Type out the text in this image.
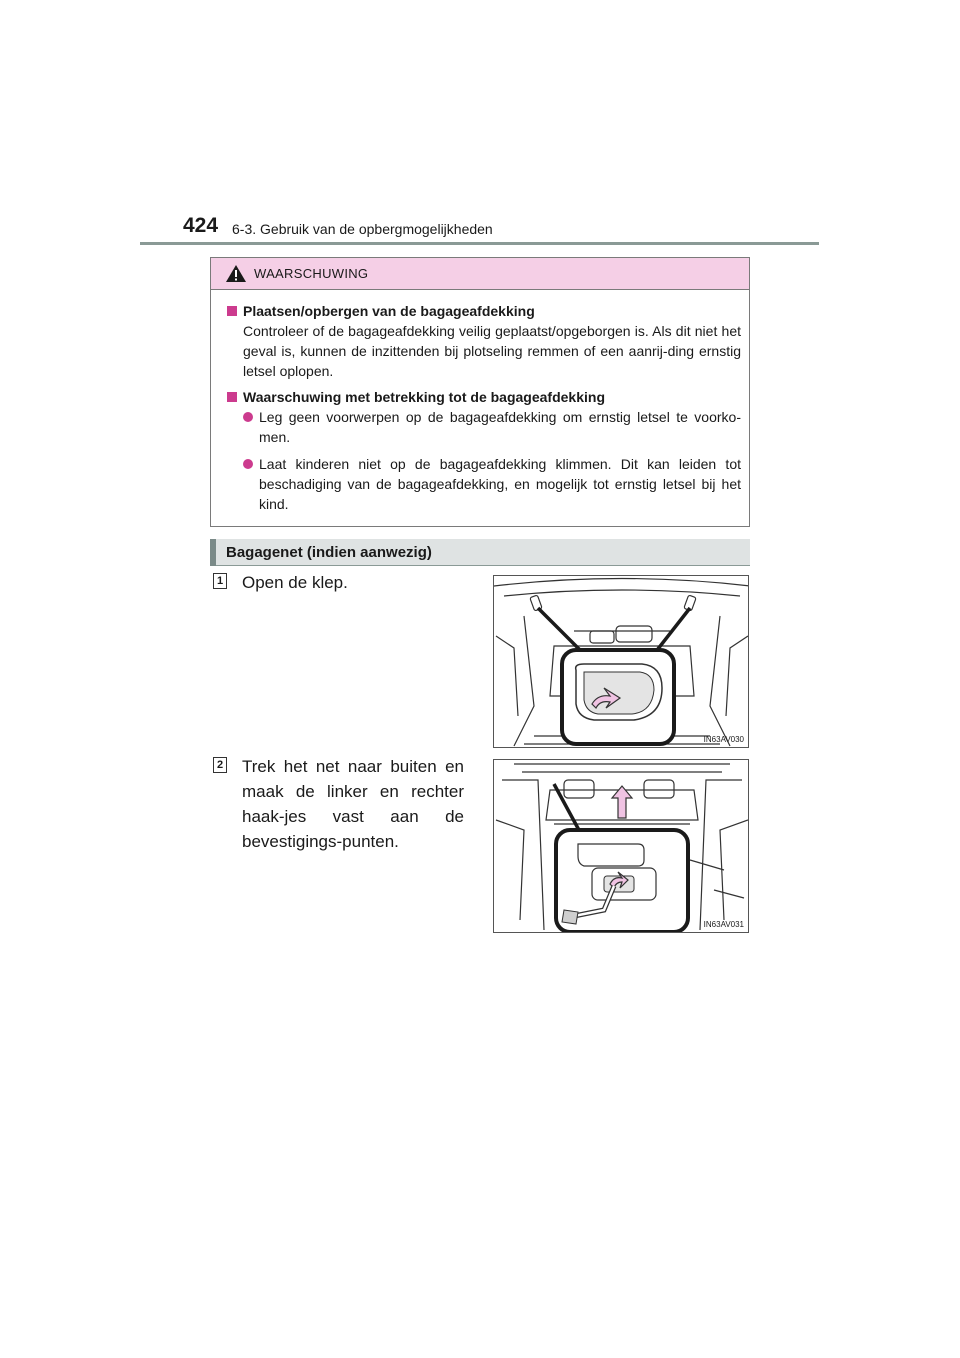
424 6-3. Gebruik van de opbergmogelijkheden
WAARSCHUWING
Plaatsen/opbergen van de bagageafdekking
Controleer of de bagageafdekking veilig geplaatst/opgeborgen is. Als dit niet het geval is, kunnen de inzittenden bij plotseling remmen of een aanrij-ding ernstig letsel oplopen.
Waarschuwing met betrekking tot de bagageafdekking
Leg geen voorwerpen op de bagageafdekking om ernstig letsel te voorko-men.
Laat kinderen niet op de bagageafdekking klimmen. Dit kan leiden tot beschadiging van de bagageafdekking, en mogelijk tot ernstig letsel bij het kind.
Bagagenet (indien aanwezig)
1 Open de klep.
IN63AV030
2 Trek het net naar buiten en maak de linker en rechter haak-jes vast aan de bevestigings-punten.
IN63AV031
